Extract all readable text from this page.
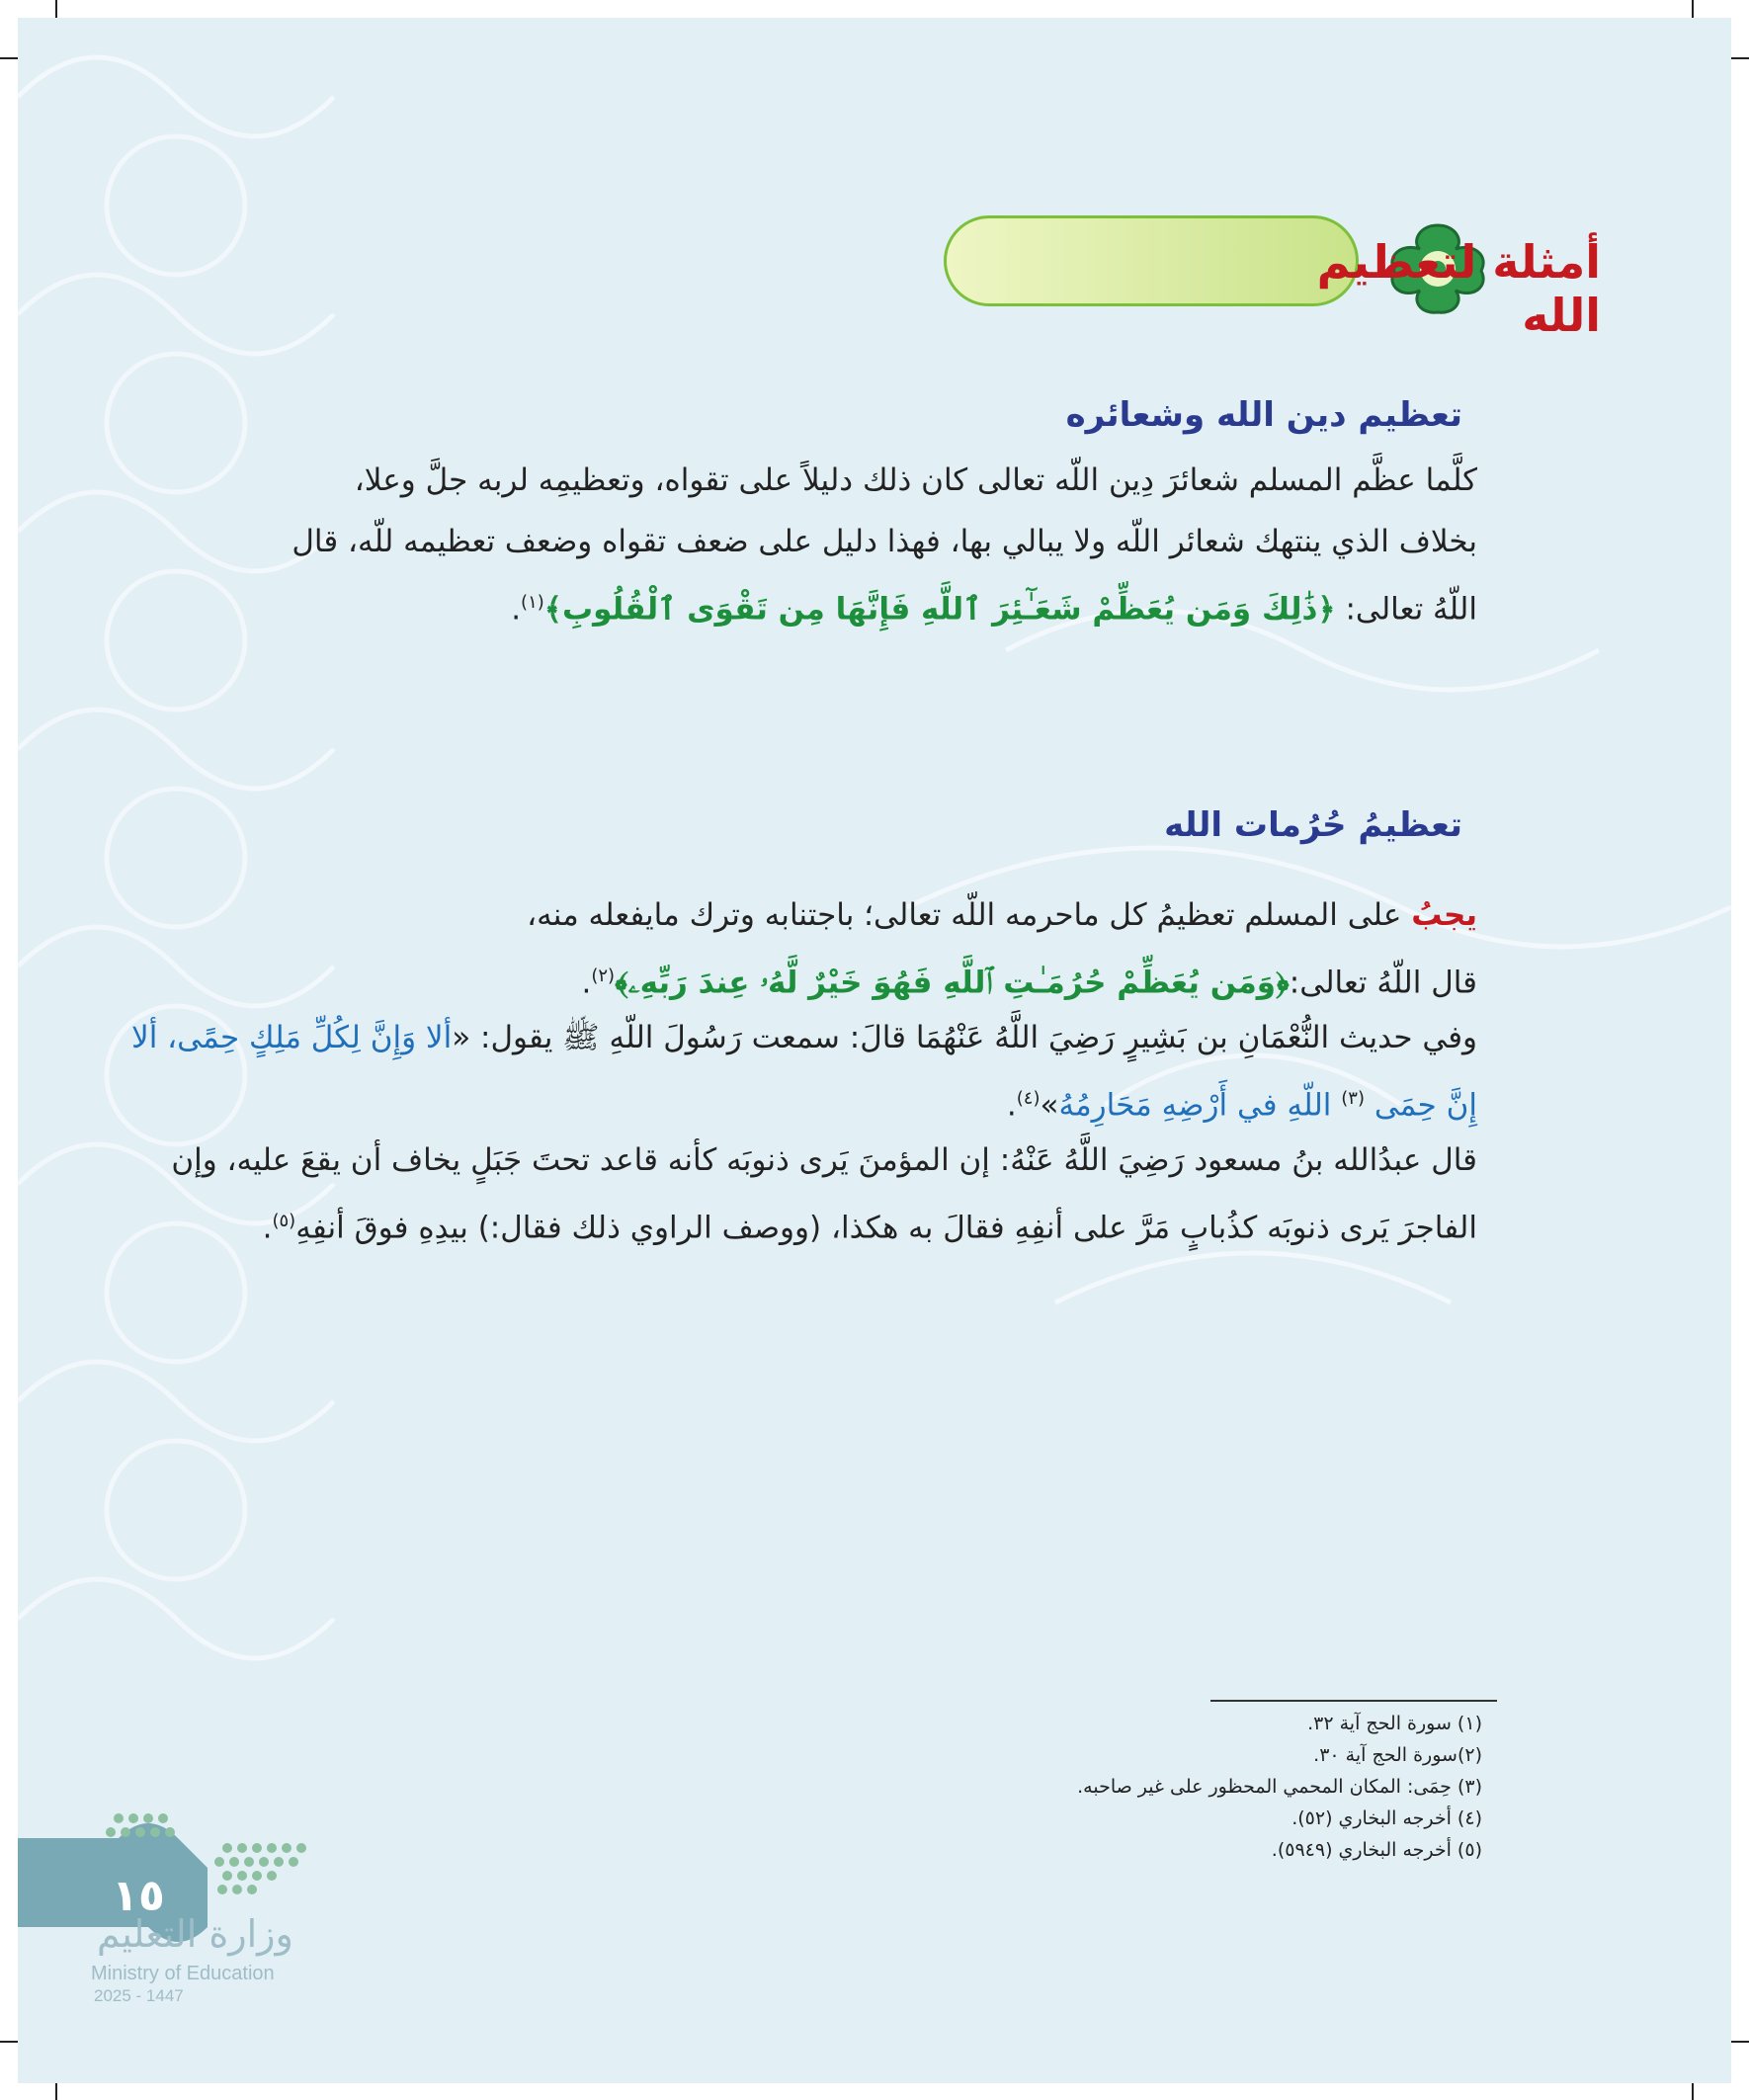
أمثلة لتعظيم الله
تعظيم دين الله وشعائره
كلَّما عظَّم المسلم شعائرَ دِين اللّه تعالى كان ذلك دليلاً على تقواه، وتعظيمِه لربه جلَّ وعلا،
بخلاف الذي ينتهك شعائر اللّه ولا يبالي بها، فهذا دليل على ضعف تقواه وضعف تعظيمه للّه، قال
اللّهُ تعالى: ﴿ذَٰلِكَ وَمَن يُعَظِّمْ شَعَـٰٓئِرَ ٱللَّهِ فَإِنَّهَا مِن تَقْوَى ٱلْقُلُوبِ﴾$^{(١)}$.
تعظيمُ حُرُمات الله
يجبُ على المسلم تعظيمُ كل ماحرمه اللّه تعالى؛ باجتنابه وترك مايفعله منه،
قال اللّهُ تعالى:﴿وَمَن يُعَظِّمْ حُرُمَـٰتِ ٱللَّهِ فَهُوَ خَيْرٌ لَّهُۥ عِندَ رَبِّهِۦ﴾$^{(٢)}$.
وفي حديث النُّعْمَانِ بن بَشِيرٍ رَضِيَ اللَّهُ عَنْهُمَا قالَ: سمعت رَسُولَ اللّهِ ﷺ يقول: «ألا وَإِنَّ لِكُلِّ مَلِكٍ حِمًى، ألا
إِنَّ حِمَى $^{(٣)}$ اللّهِ في أَرْضِهِ مَحَارِمُهُ»$^{(٤)}$.
قال عبدُالله بنُ مسعود رَضِيَ اللَّهُ عَنْهُ: إن المؤمنَ يَرى ذنوبَه كأنه قاعد تحتَ جَبَلٍ يخاف أن يقعَ عليه، وإن
الفاجرَ يَرى ذنوبَه كذُبابٍ مَرَّ على أنفِهِ فقالَ به هكذا، (ووصف الراوي ذلك فقال:) بيدِهِ فوقَ أنفِهِ$^{(٥)}$.
(١) سورة الحج آية ٣٢.
(٢)سورة الحج آية ٣٠.
(٣) حِمَى: المكان المحمي المحظور على غير صاحبه.
(٤) أخرجه البخاري (٥٢).
(٥) أخرجه البخاري (٥٩٤٩).
١٥
وزارة التعليم
Ministry of Education
2025 - 1447
